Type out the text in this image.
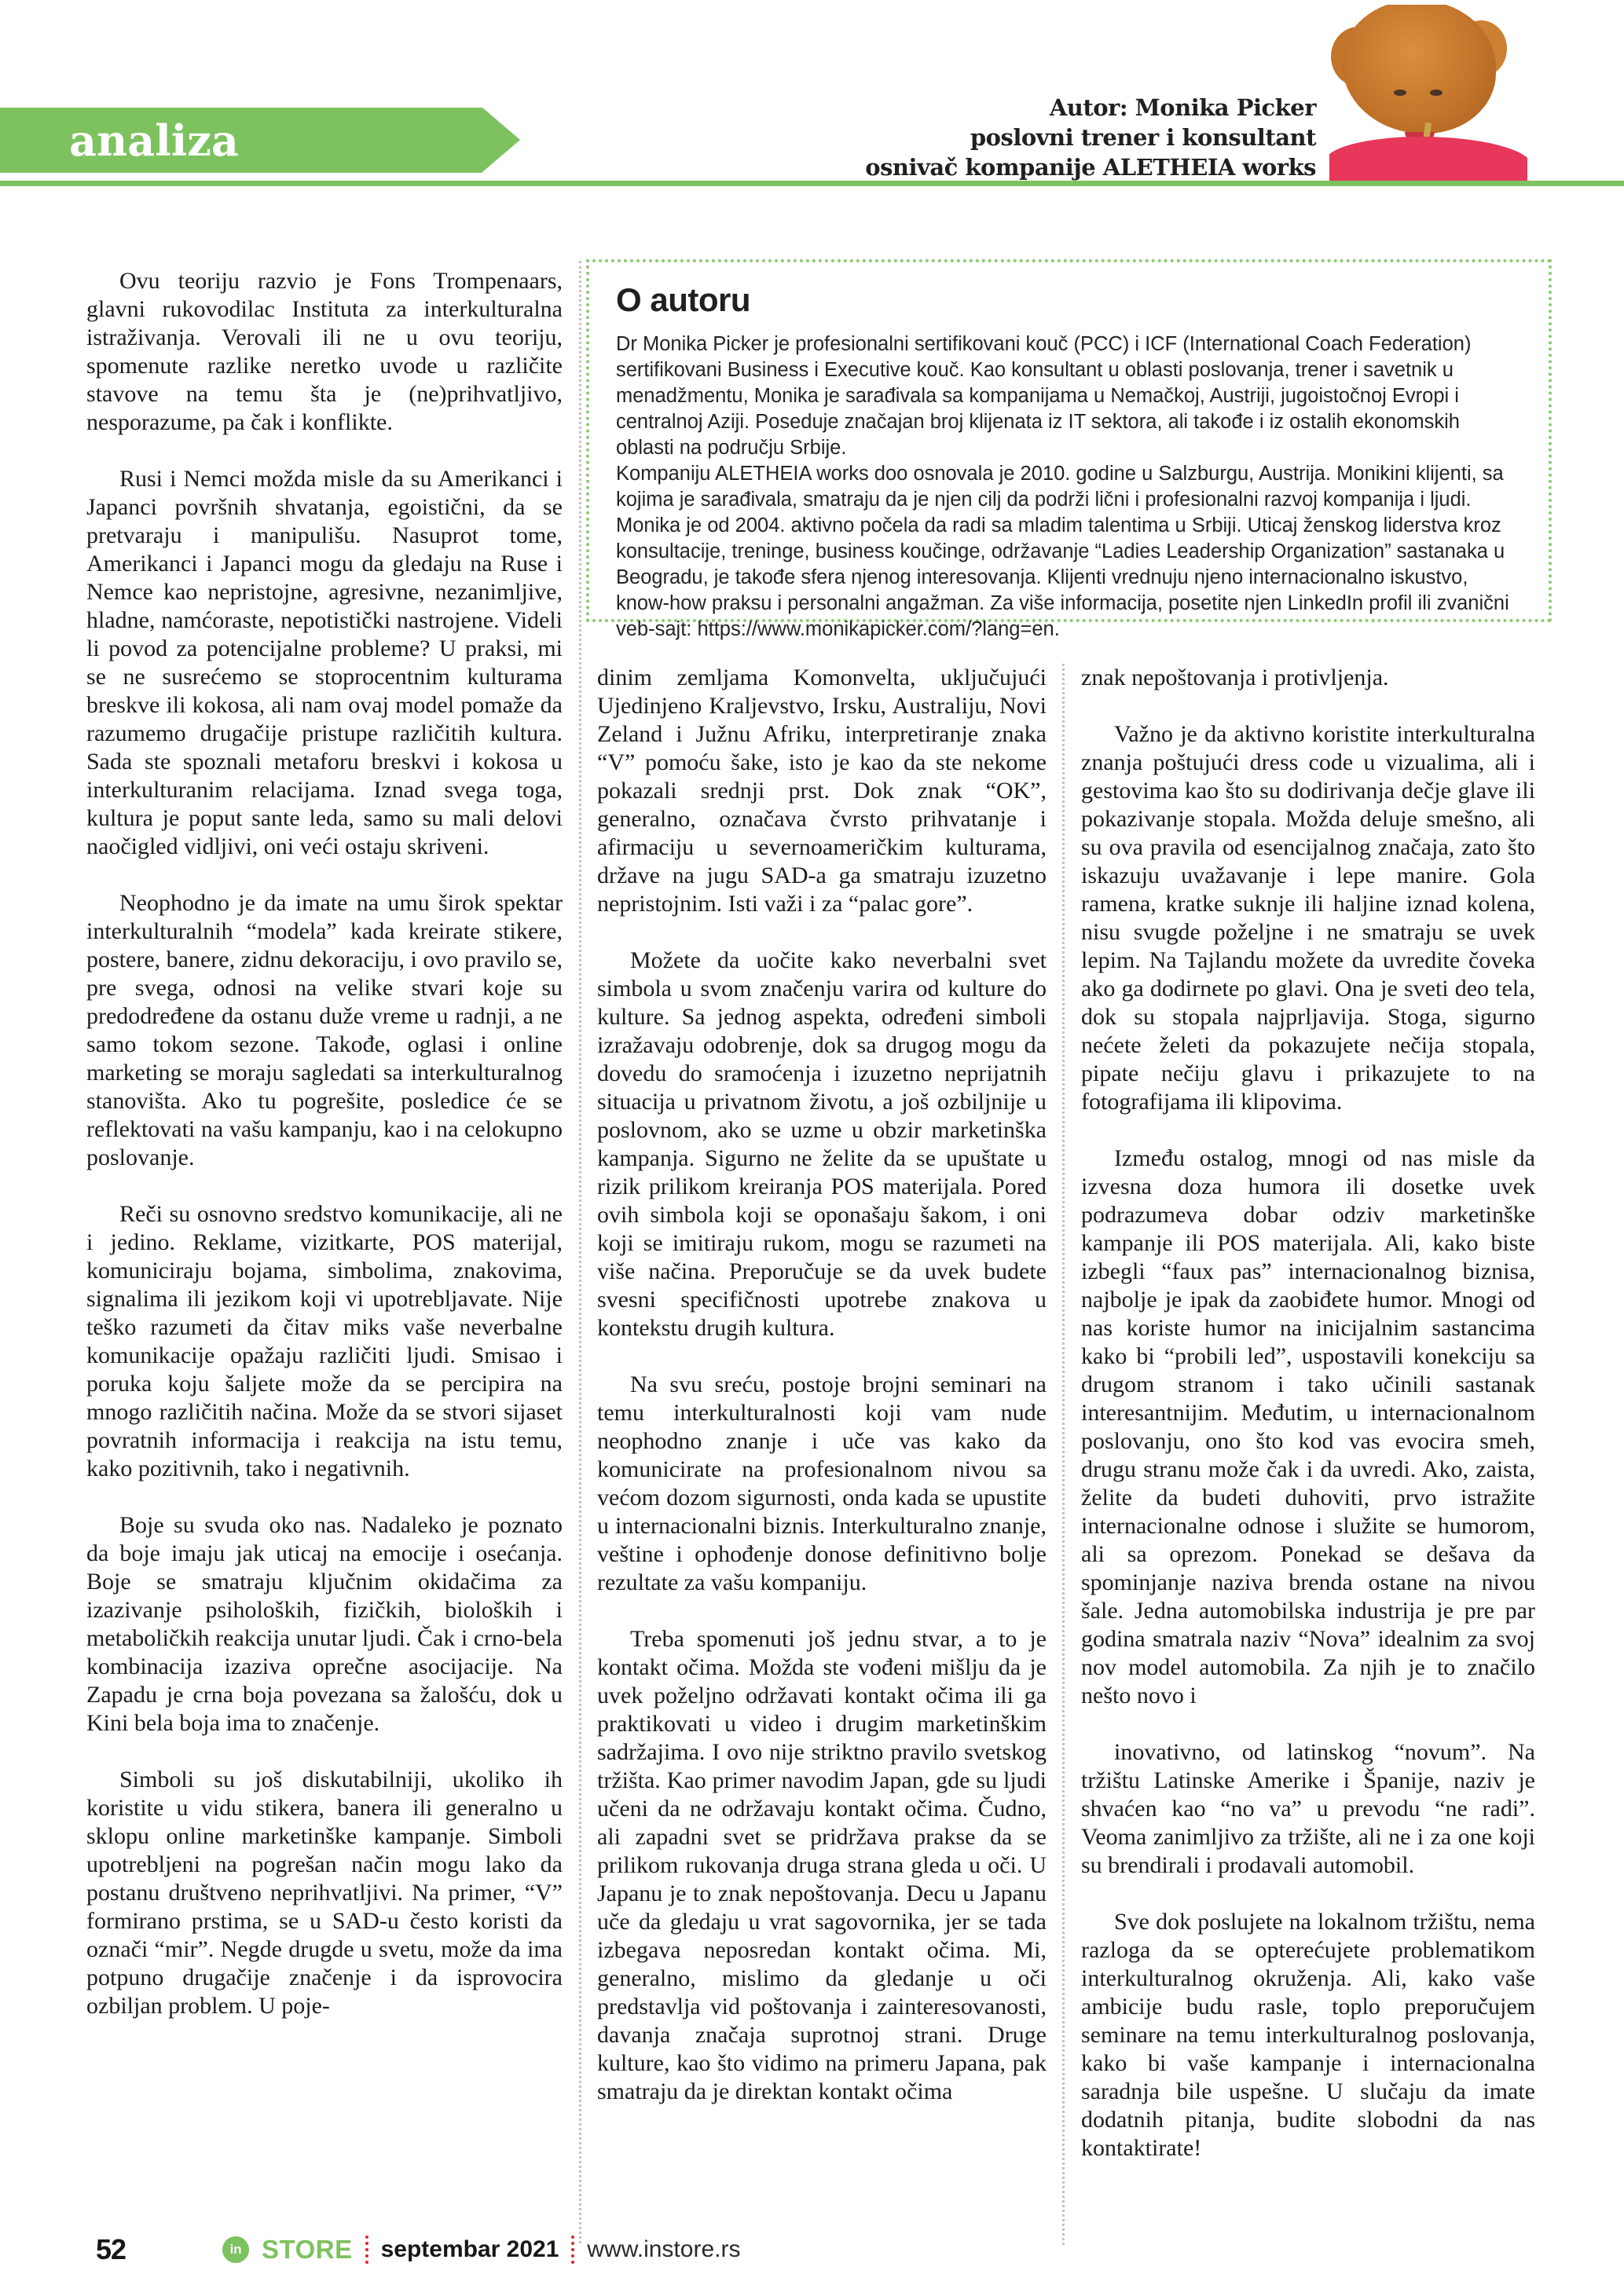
analiza
Autor: Monika Picker
poslovni trener i konsultant
osnivač kompanije ALETHEIA works
O autoru

Dr Monika Picker je profesionalni sertifikovani kouč (PCC) i ICF (International Coach Federation) sertifikovani Business i Executive kouč. Kao konsultant u oblasti poslovanja, trener i savetnik u menadžmentu, Monika je sarađivala sa kompanijama u Nemačkoj, Austriji, jugoistočnoj Evropi i centralnoj Aziji. Poseduje značajan broj klijenata iz IT sektora, ali takođe i iz ostalih ekonomskih oblasti na području Srbije.

Kompaniju ALETHEIA works doo osnovala je 2010. godine u Salzburgu, Austrija. Monikini klijenti, sa kojima je sarađivala, smatraju da je njen cilj da podrži lični i profesionalni razvoj kompanija i ljudi. Monika je od 2004. aktivno počela da radi sa mladim talentima u Srbiji. Uticaj ženskog liderstva kroz konsultacije, treninge, business koučinge, održavanje “Ladies Leadership Organization” sastanaka u Beogradu, je takođe sfera njenog interesovanja. Klijenti vrednuju njeno internacionalno iskustvo, know-how praksu i personalni angažman. Za više informacija, posetite njen LinkedIn profil ili zvanični veb-sajt: https://www.monikapicker.com/?lang=en.

Ovu teoriju razvio je Fons Trompenaars, glavni rukovodilac Instituta za interkulturalna istraživanja. Verovali ili ne u ovu teoriju, spomenute razlike neretko uvode u različite stavove na temu šta je (ne)prihvatljivo, nesporazume, pa čak i konflikte.

Rusi i Nemci možda misle da su Amerikanci i Japanci površnih shvatanja, egoistični, da se pretvaraju i manipulišu. Nasuprot tome, Amerikanci i Japanci mogu da gledaju na Ruse i Nemce kao nepristojne, agresivne, nezanimljive, hladne, namćoraste, nepotistički nastrojene. Videli li povod za potencijalne probleme? U praksi, mi se ne susrećemo se stoprocentnim kulturama breskve ili kokosa, ali nam ovaj model pomaže da razumemo drugačije pristupe različitih kultura. Sada ste spoznali metaforu breskvi i kokosa u interkulturanim relacijama. Iznad svega toga, kultura je poput sante leda, samo su mali delovi naočigled vidljivi, oni veći ostaju skriveni.

Neophodno je da imate na umu širok spektar interkulturalnih “modela” kada kreirate stikere, postere, banere, zidnu dekoraciju, i ovo pravilo se, pre svega, odnosi na velike stvari koje su predodređene da ostanu duže vreme u radnji, a ne samo tokom sezone. Takođe, oglasi i online marketing se moraju sagledati sa interkulturalnog stanovišta. Ako tu pogrešite, posledice će se reflektovati na vašu kampanju, kao i na celokupno poslovanje.

Reči su osnovno sredstvo komunikacije, ali ne i jedino. Reklame, vizitkarte, POS materijal, komuniciraju bojama, simbolima, znakovima, signalima ili jezikom koji vi upotrebljavate. Nije teško razumeti da čitav miks vaše neverbalne komunikacije opažaju različiti ljudi. Smisao i poruka koju šaljete može da se percipira na mnogo različitih načina. Može da se stvori sijaset povratnih informacija i reakcija na istu temu, kako pozitivnih, tako i negativnih.

Boje su svuda oko nas. Nadaleko je poznato da boje imaju jak uticaj na emocije i osećanja. Boje se smatraju ključnim okidačima za izazivanje psiholoških, fizičkih, bioloških i metaboličkih reakcija unutar ljudi. Čak i crno-bela kombinacija izaziva oprečne asocijacije. Na Zapadu je crna boja povezana sa žalošću, dok u Kini bela boja ima to značenje.

Simboli su još diskutabilniji, ukoliko ih koristite u vidu stikera, banera ili generalno u sklopu online marketinške kampanje. Simboli upotrebljeni na pogrešan način mogu lako da postanu društveno neprihvatljivi. Na primer, “V” formirano prstima, se u SAD-u često koristi da označi “mir”. Negde drugde u svetu, može da ima potpuno drugačije značenje i da isprovocira ozbiljan problem. U poje-

dinim zemljama Komonvelta, uključujući Ujedinjeno Kraljevstvo, Irsku, Australiju, Novi Zeland i Južnu Afriku, interpretiranje znaka “V” pomoću šake, isto je kao da ste nekome pokazali srednji prst. Dok znak “OK”, generalno, označava čvrsto prihvatanje i afirmaciju u severnoameričkim kulturama, države na jugu SAD-a ga smatraju izuzetno nepristojnim. Isti važi i za “palac gore”.

Možete da uočite kako neverbalni svet simbola u svom značenju varira od kulture do kulture. Sa jednog aspekta, određeni simboli izražavaju odobrenje, dok sa drugog mogu da dovedu do sramoćenja i izuzetno neprijatnih situacija u privatnom životu, a još ozbiljnije u poslovnom, ako se uzme u obzir marketinška kampanja. Sigurno ne želite da se upuštate u rizik prilikom kreiranja POS materijala. Pored ovih simbola koji se oponašaju šakom, i oni koji se imitiraju rukom, mogu se razumeti na više načina. Preporučuje se da uvek budete svesni specifičnosti upotrebe znakova u kontekstu drugih kultura.

Na svu sreću, postoje brojni seminari na temu interkulturalnosti koji vam nude neophodno znanje i uče vas kako da komunicirate na profesionalnom nivou sa većom dozom sigurnosti, onda kada se upustite u internacionalni biznis. Interkulturalno znanje, veštine i ophođenje donose definitivno bolje rezultate za vašu kompaniju.

Treba spomenuti još jednu stvar, a to je kontakt očima. Možda ste vođeni mišlju da je uvek poželjno održavati kontakt očima ili ga praktikovati u video i drugim marketinškim sadržajima. I ovo nije striktno pravilo svetskog tržišta. Kao primer navodim Japan, gde su ljudi učeni da ne održavaju kontakt očima. Čudno, ali zapadni svet se pridržava prakse da se prilikom rukovanja druga strana gleda u oči. U Japanu je to znak nepoštovanja. Decu u Japanu uče da gledaju u vrat sagovornika, jer se tada izbegava neposredan kontakt očima. Mi, generalno, mislimo da gledanje u oči predstavlja vid poštovanja i zainteresovanosti, davanja značaja suprotnoj strani. Druge kulture, kao što vidimo na primeru Japana, pak smatraju da je direktan kontakt očima

znak nepoštovanja i protivljenja.

Važno je da aktivno koristite interkulturalna znanja poštujući dress code u vizualima, ali i gestovima kao što su dodirivanja dečje glave ili pokazivanje stopala. Možda deluje smešno, ali su ova pravila od esencijalnog značaja, zato što iskazuju uvažavanje i lepe manire. Gola ramena, kratke suknje ili haljine iznad kolena, nisu svugde poželjne i ne smatraju se uvek lepim. Na Tajlandu možete da uvredite čoveka ako ga dodirnete po glavi. Ona je sveti deo tela, dok su stopala najprljavija. Stoga, sigurno nećete želeti da pokazujete nečija stopala, pipate nečiju glavu i prikazujete to na fotografijama ili klipovima.

Između ostalog, mnogi od nas misle da izvesna doza humora ili dosetke uvek podrazumeva dobar odziv marketinške kampanje ili POS materijala. Ali, kako biste izbegli “faux pas” internacionalnog biznisa, najbolje je ipak da zaobiđete humor. Mnogi od nas koriste humor na inicijalnim sastancima kako bi “probili led”, uspostavili konekciju sa drugom stranom i tako učinili sastanak interesantnijim. Međutim, u internacionalnom poslovanju, ono što kod vas evocira smeh, drugu stranu može čak i da uvredi. Ako, zaista, želite da budeti duhoviti, prvo istražite internacionalne odnose i služite se humorom, ali sa oprezom. Ponekad se dešava da spominjanje naziva brenda ostane na nivou šale. Jedna automobilska industrija je pre par godina smatrala naziv “Nova” idealnim za svoj nov model automobila. Za njih je to značilo nešto novo i

inovativno, od latinskog “novum”. Na tržištu Latinske Amerike i Španije, naziv je shvaćen kao “no va” u prevodu “ne radi”. Veoma zanimljivo za tržište, ali ne i za one koji su brendirali i prodavali automobil.

Sve dok poslujete na lokalnom tržištu, nema razloga da se opterećujete problematikom interkulturalnog okruženja. Ali, kako vaše ambicije budu rasle, toplo preporučujem seminare na temu interkulturalnog poslovanja, kako bi vaše kampanje i internacionalna saradnja bile uspešne. U slučaju da imate dodatnih pitanja, budite slobodni da nas kontaktirate!

52	in STORE septembar 2021 www.instore.rs
